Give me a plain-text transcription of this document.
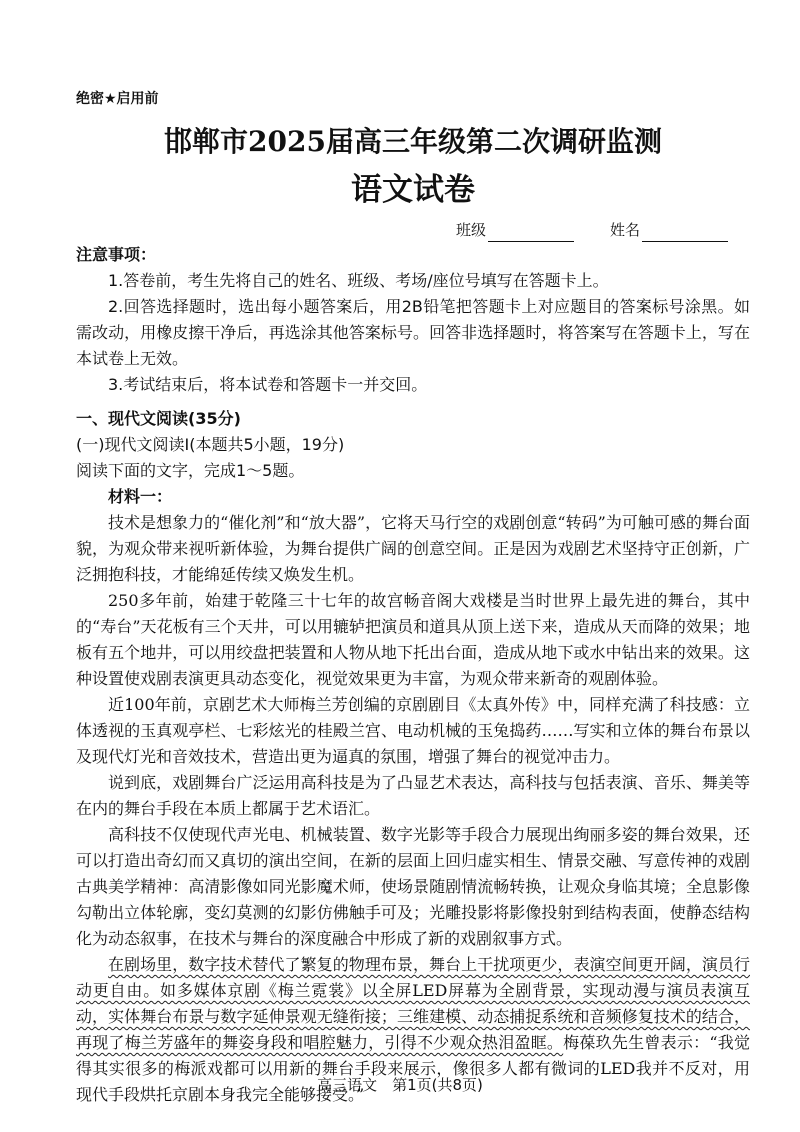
绝密★启用前

邯郸市2025届高三年级第二次调研监测
语文试卷
班级	姓名

注意事项：

1.答卷前，考生先将自己的姓名、班级、考场/座位号填写在答题卡上。

2.回答选择题时，选出每小题答案后，用2B铅笔把答题卡上对应题目的答案标号涂黑。如需改动，用橡皮擦干净后，再选涂其他答案标号。回答非选择题时，将答案写在答题卡上，写在本试卷上无效。

3.考试结束后，将本试卷和答题卡一并交回。

一、现代文阅读(35分)

(一)现代文阅读Ⅰ(本题共5小题，19分)

阅读下面的文字，完成1～5题。

材料一：

技术是想象力的“催化剂”和“放大器”，它将天马行空的戏剧创意“转码”为可触可感的舞台面貌，为观众带来视听新体验，为舞台提供广阔的创意空间。正是因为戏剧艺术坚持守正创新，广泛拥抱科技，才能绵延传续又焕发生机。

250多年前，始建于乾隆三十七年的故宫畅音阁大戏楼是当时世界上最先进的舞台，其中的“寿台”天花板有三个天井，可以用辘轳把演员和道具从顶上送下来，造成从天而降的效果；地板有五个地井，可以用绞盘把装置和人物从地下托出台面，造成从地下或水中钻出来的效果。这种设置使戏剧表演更具动态变化，视觉效果更为丰富，为观众带来新奇的观剧体验。

近100年前，京剧艺术大师梅兰芳创编的京剧剧目《太真外传》中，同样充满了科技感：立体透视的玉真观亭栏、七彩炫光的桂殿兰宫、电动机械的玉兔捣药……写实和立体的舞台布景以及现代灯光和音效技术，营造出更为逼真的氛围，增强了舞台的视觉冲击力。

说到底，戏剧舞台广泛运用高科技是为了凸显艺术表达，高科技与包括表演、音乐、舞美等在内的舞台手段在本质上都属于艺术语汇。

高科技不仅使现代声光电、机械装置、数字光影等手段合力展现出绚丽多姿的舞台效果，还可以打造出奇幻而又真切的演出空间，在新的层面上回归虚实相生、情景交融、写意传神的戏剧古典美学精神：高清影像如同光影魔术师，使场景随剧情流畅转换，让观众身临其境；全息影像勾勒出立体轮廓，变幻莫测的幻影仿佛触手可及；光雕投影将影像投射到结构表面，使静态结构化为动态叙事，在技术与舞台的深度融合中形成了新的戏剧叙事方式。

在剧场里，数字技术替代了繁复的物理布景，舞台上干扰项更少，表演空间更开阔，演员行动更自由。如多媒体京剧《梅兰霓裳》以全屏LED屏幕为全剧背景，实现动漫与演员表演互动，实体舞台布景与数字延伸景观无缝衔接；三维建模、动态捕捉系统和音频修复技术的结合，再现了梅兰芳盛年的舞姿身段和唱腔魅力，引得不少观众热泪盈眶。梅葆玖先生曾表示：“我觉得其实很多的梅派戏都可以用新的舞台手段来展示，像很多人都有微词的LED我并不反对，用现代手段烘托京剧本身我完全能够接受。”

高三语文　第1页(共8页)
